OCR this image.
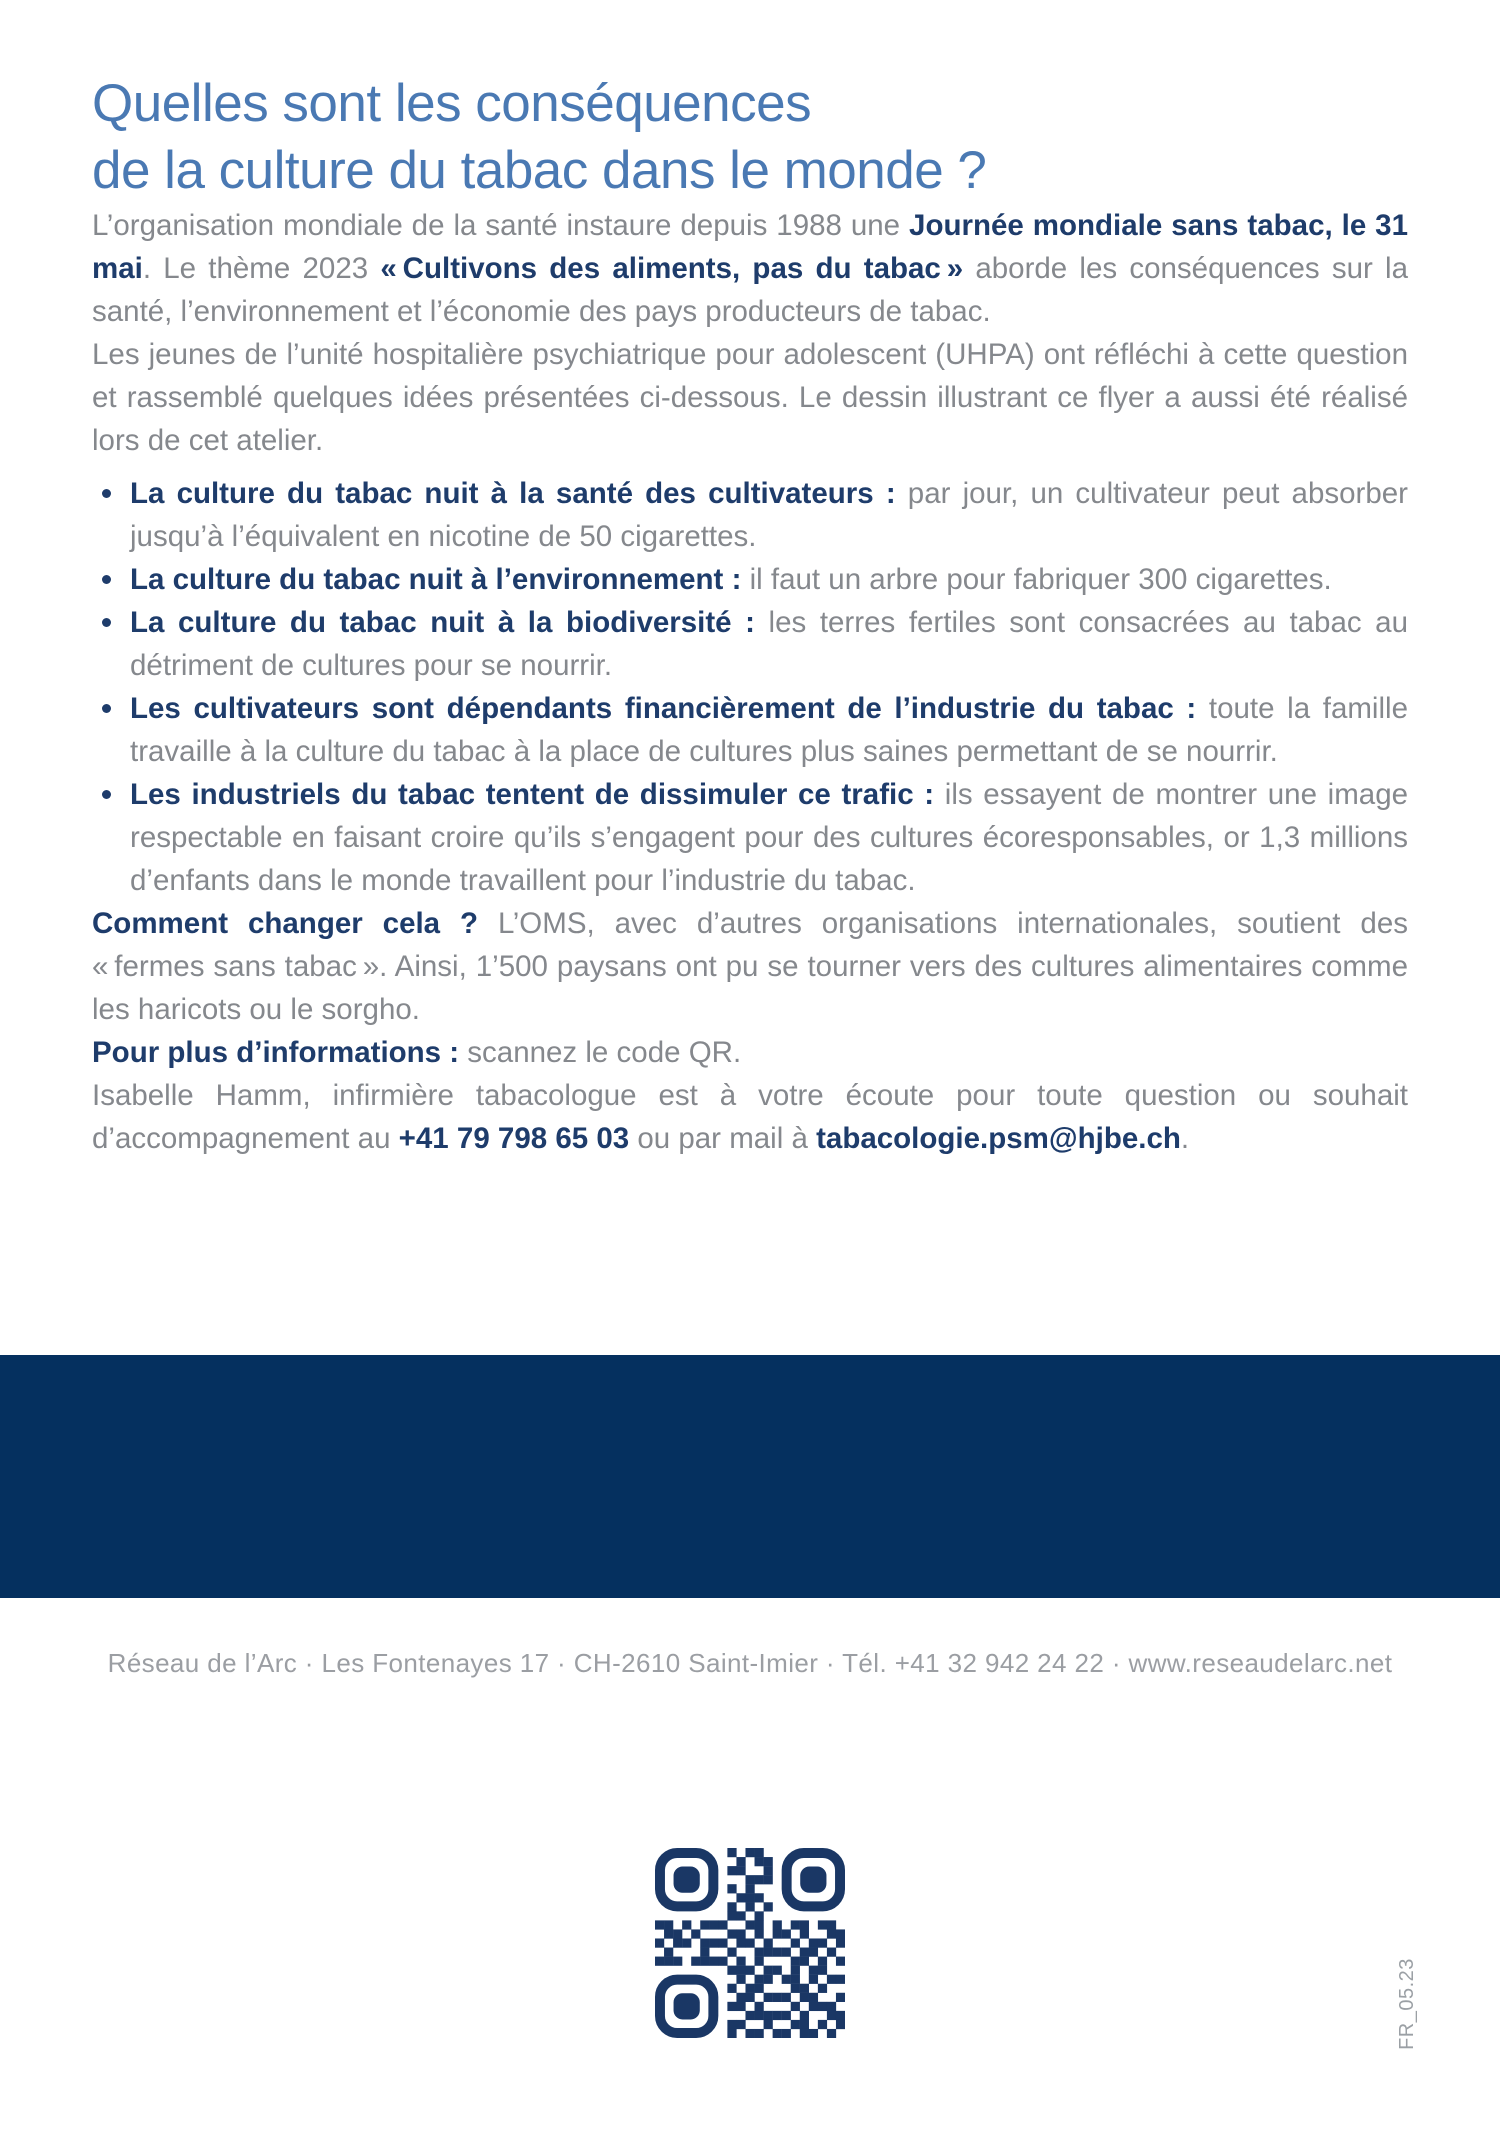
Quelles sont les conséquences
de la culture du tabac dans le monde ?

L’organisation mondiale de la santé instaure depuis 1988 une Journée mondiale sans tabac, le 31 mai. Le thème 2023 « Cultivons des aliments, pas du tabac » aborde les conséquences sur la santé, l’environnement et l’économie des pays producteurs de tabac.

Les jeunes de l’unité hospitalière psychiatrique pour adolescent (UHPA) ont réfléchi à cette question et rassemblé quelques idées présentées ci-dessous. Le dessin illustrant ce flyer a aussi été réalisé lors de cet atelier.

La culture du tabac nuit à la santé des cultivateurs : par jour, un cultivateur peut absorber jusqu’à l’équivalent en nicotine de 50 cigarettes.
La culture du tabac nuit à l’environnement : il faut un arbre pour fabriquer 300 cigarettes.
La culture du tabac nuit à la biodiversité : les terres fertiles sont consacrées au tabac au détriment de cultures pour se nourrir.
Les cultivateurs sont dépendants financièrement de l’industrie du tabac : toute la famille travaille à la culture du tabac à la place de cultures plus saines permettant de se nourrir.
Les industriels du tabac tentent de dissimuler ce trafic : ils essayent de montrer une image respectable en faisant croire qu’ils s’engagent pour des cultures écoresponsables, or 1,3 millions d’enfants dans le monde travaillent pour l’industrie du tabac.

Comment changer cela ? L’OMS, avec d’autres organisations internationales, soutient des « fermes sans tabac ». Ainsi, 1’500 paysans ont pu se tourner vers des cultures alimentaires comme les haricots ou le sorgho.

Pour plus d’informations : scannez le code QR.

Isabelle Hamm, infirmière tabacologue est à votre écoute pour toute question ou souhait d’accompagnement au +41 79 798 65 03 ou par mail à tabacologie.psm@hjbe.ch.

Réseau de l’Arc · Les Fontenayes 17 · CH-2610 Saint-Imier · Tél. +41 32 942 24 22 · www.reseaudelarc.net
FR_05.23
